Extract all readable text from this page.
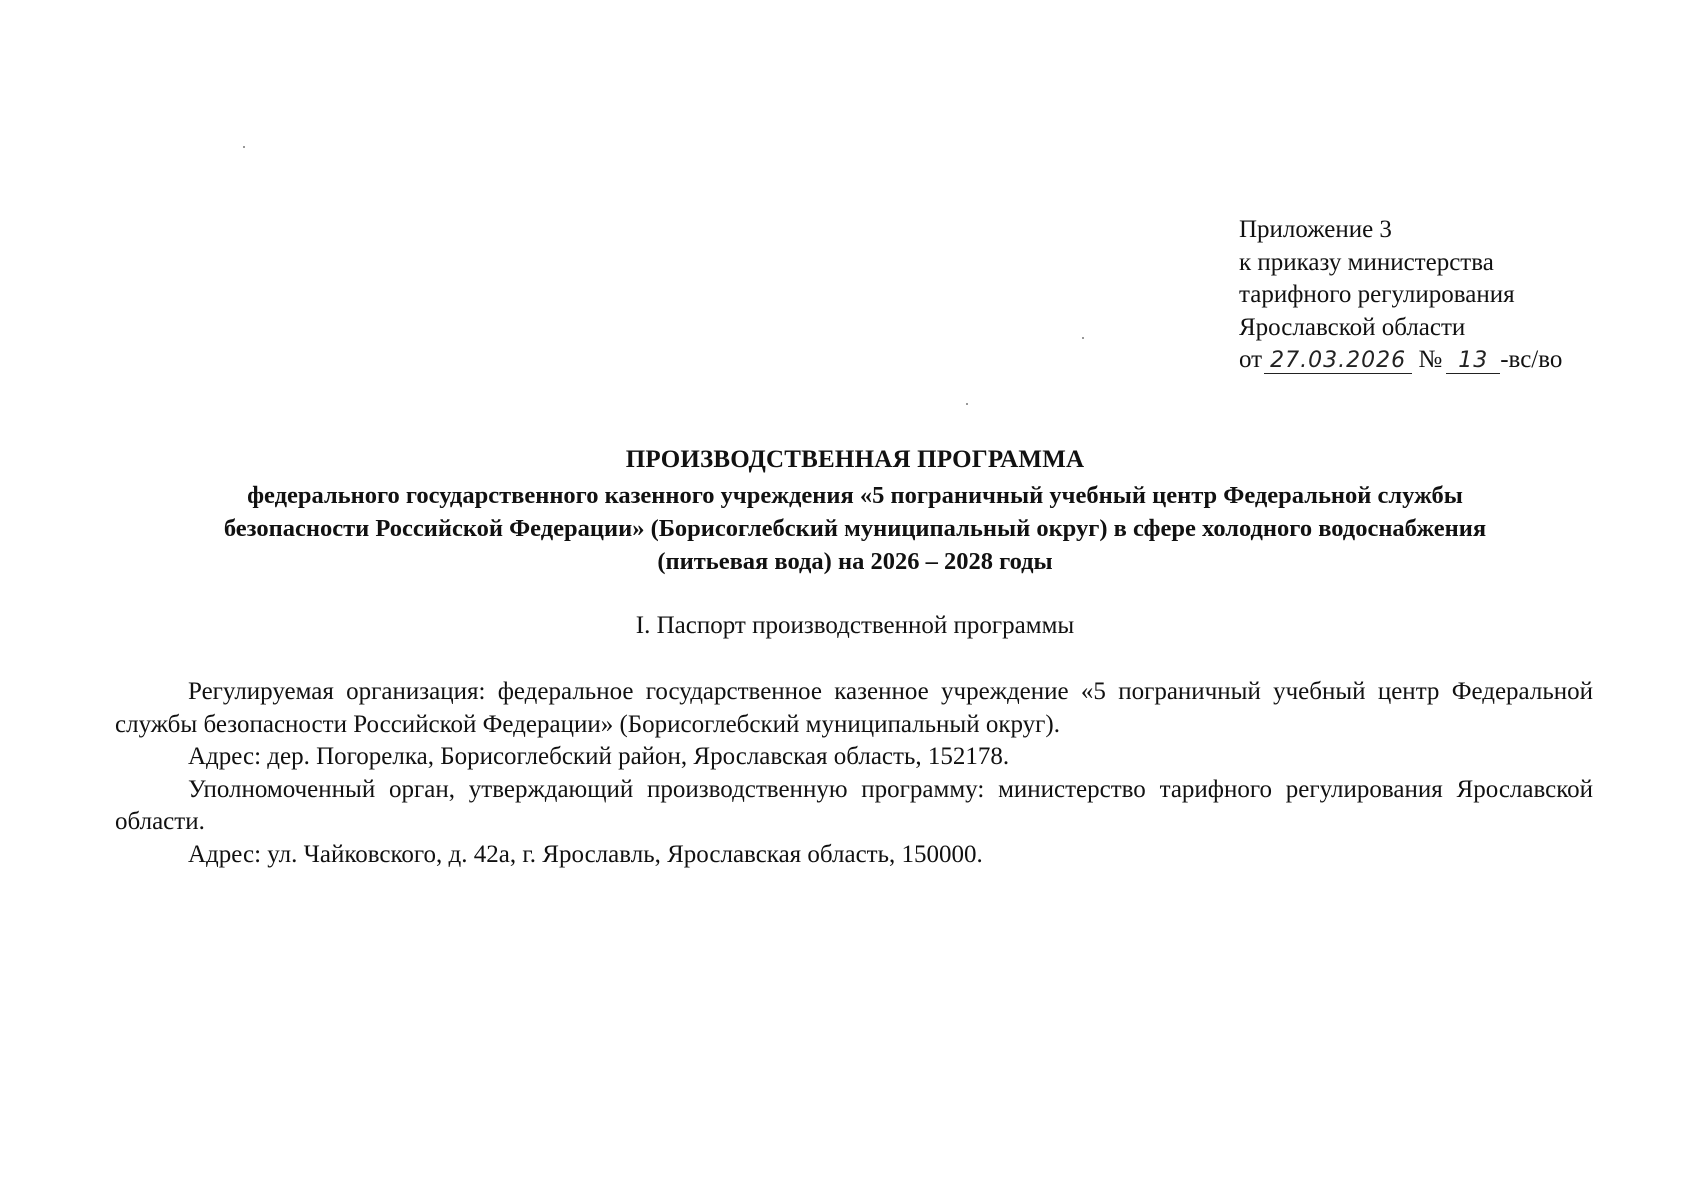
Приложение 3
к приказу министерства
тарифного регулирования
Ярославской области
от 27.03.2026 № 13 -вс/во
ПРОИЗВОДСТВЕННАЯ ПРОГРАММА
федерального государственного казенного учреждения «5 пограничный учебный центр Федеральной службы
безопасности Российской Федерации» (Борисоглебский муниципальный округ) в сфере холодного водоснабжения
(питьевая вода) на 2026 – 2028 годы
I. Паспорт производственной программы

Регулируемая организация: федеральное государственное казенное учреждение «5 пограничный учебный центр Федеральной службы безопасности Российской Федерации» (Борисоглебский муниципальный округ).

Адрес: дер. Погорелка, Борисоглебский район, Ярославская область, 152178.

Уполномоченный орган, утверждающий производственную программу: министерство тарифного регулирования Ярославской области.

Адрес: ул. Чайковского, д. 42а, г. Ярославль, Ярославская область, 150000.
